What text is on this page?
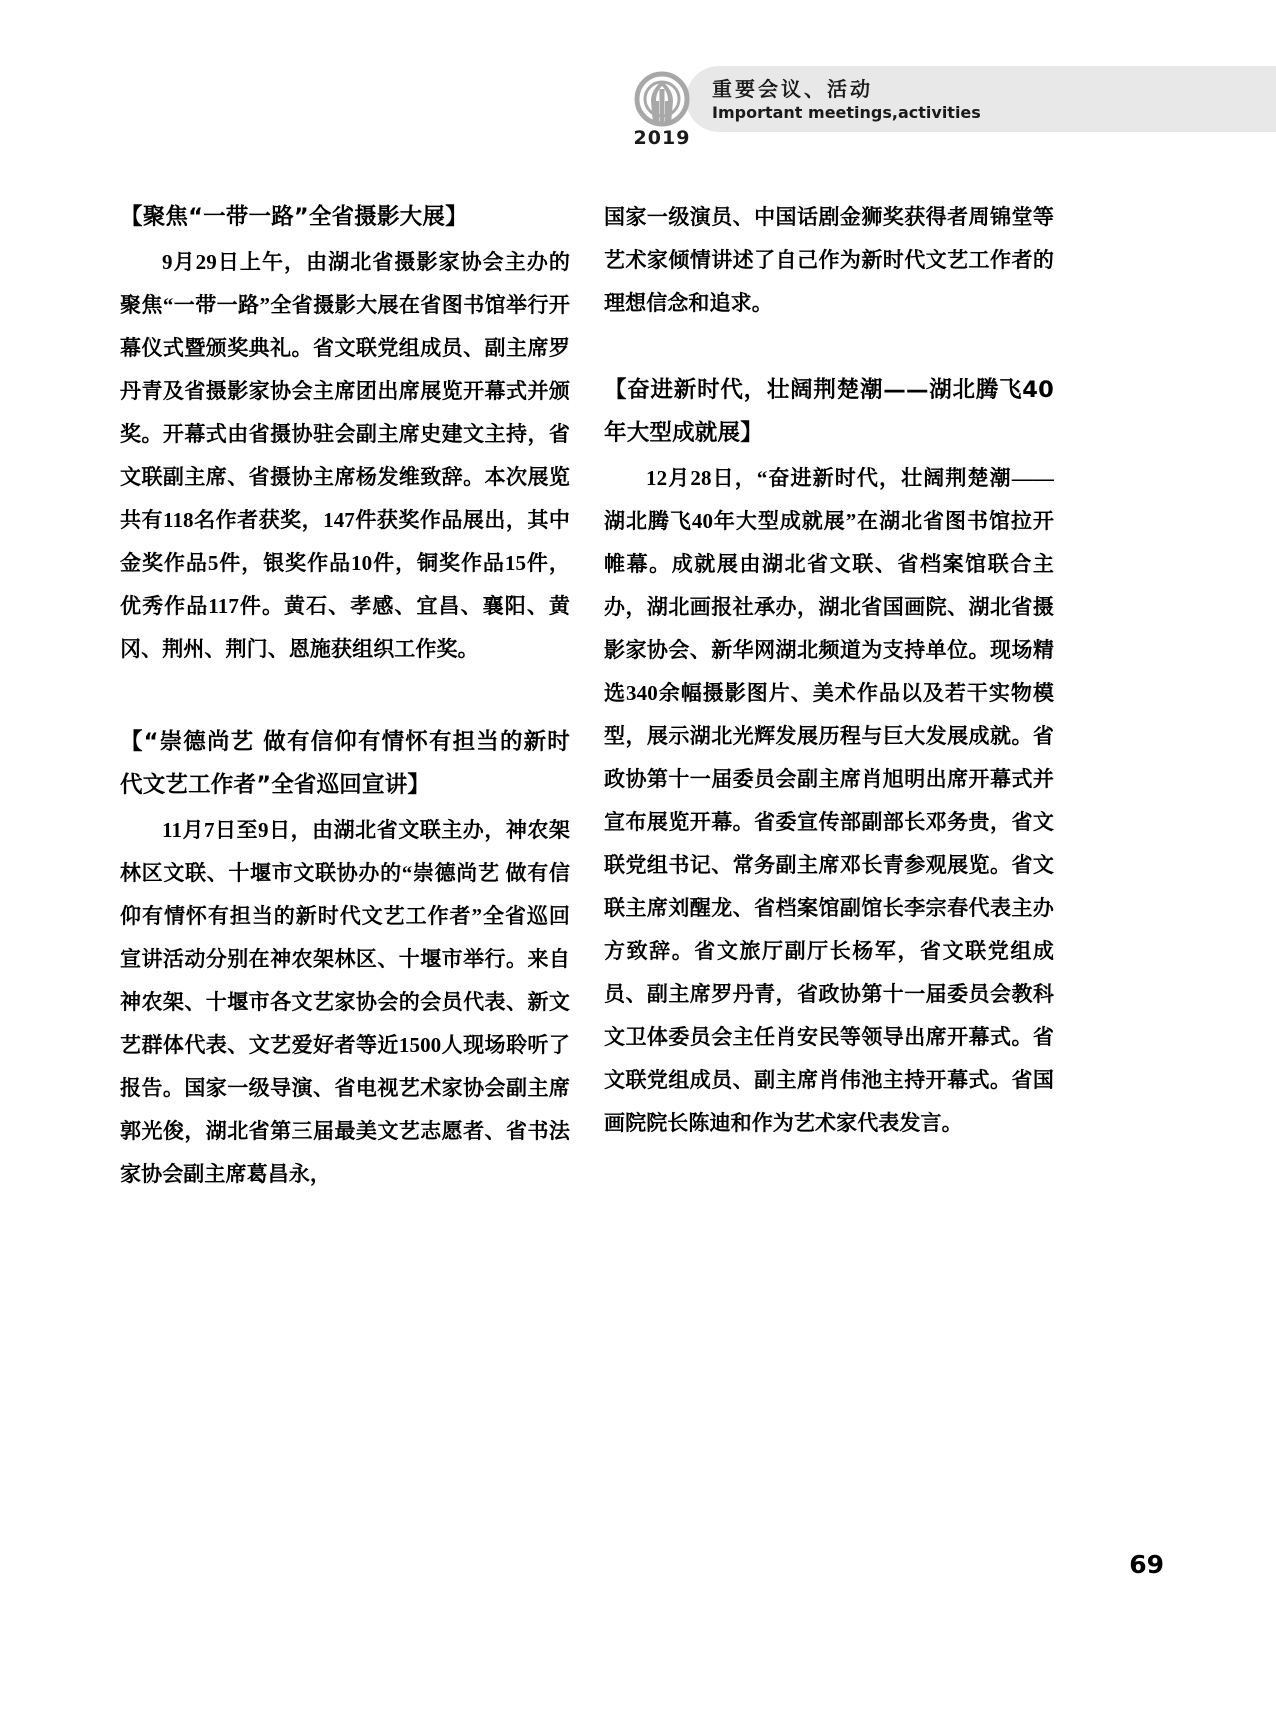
2019
重要会议、活动
Important meetings,activities
【聚焦“一带一路”全省摄影大展】

9月29日上午，由湖北省摄影家协会主办的聚焦“一带一路”全省摄影大展在省图书馆举行开幕仪式暨颁奖典礼。省文联党组成员、副主席罗丹青及省摄影家协会主席团出席展览开幕式并颁奖。开幕式由省摄协驻会副主席史建文主持，省文联副主席、省摄协主席杨发维致辞。本次展览共有118名作者获奖，147件获奖作品展出，其中金奖作品5件，银奖作品10件，铜奖作品15件，优秀作品117件。黄石、孝感、宜昌、襄阳、黄冈、荆州、荆门、恩施获组织工作奖。

【“崇德尚艺 做有信仰有情怀有担当的新时代文艺工作者”全省巡回宣讲】

11月7日至9日，由湖北省文联主办，神农架林区文联、十堰市文联协办的“崇德尚艺 做有信仰有情怀有担当的新时代文艺工作者”全省巡回宣讲活动分别在神农架林区、十堰市举行。来自神农架、十堰市各文艺家协会的会员代表、新文艺群体代表、文艺爱好者等近1500人现场聆听了报告。国家一级导演、省电视艺术家协会副主席郭光俊，湖北省第三届最美文艺志愿者、省书法家协会副主席葛昌永，

国家一级演员、中国话剧金狮奖获得者周锦堂等艺术家倾情讲述了自己作为新时代文艺工作者的理想信念和追求。

【奋进新时代，壮阔荆楚潮——湖北腾飞40年大型成就展】

12月28日，“奋进新时代，壮阔荆楚潮——湖北腾飞40年大型成就展”在湖北省图书馆拉开帷幕。成就展由湖北省文联、省档案馆联合主办，湖北画报社承办，湖北省国画院、湖北省摄影家协会、新华网湖北频道为支持单位。现场精选340余幅摄影图片、美术作品以及若干实物模型，展示湖北光辉发展历程与巨大发展成就。省政协第十一届委员会副主席肖旭明出席开幕式并宣布展览开幕。省委宣传部副部长邓务贵，省文联党组书记、常务副主席邓长青参观展览。省文联主席刘醒龙、省档案馆副馆长李宗春代表主办方致辞。省文旅厅副厅长杨军，省文联党组成员、副主席罗丹青，省政协第十一届委员会教科文卫体委员会主任肖安民等领导出席开幕式。省文联党组成员、副主席肖伟池主持开幕式。省国画院院长陈迪和作为艺术家代表发言。

69
